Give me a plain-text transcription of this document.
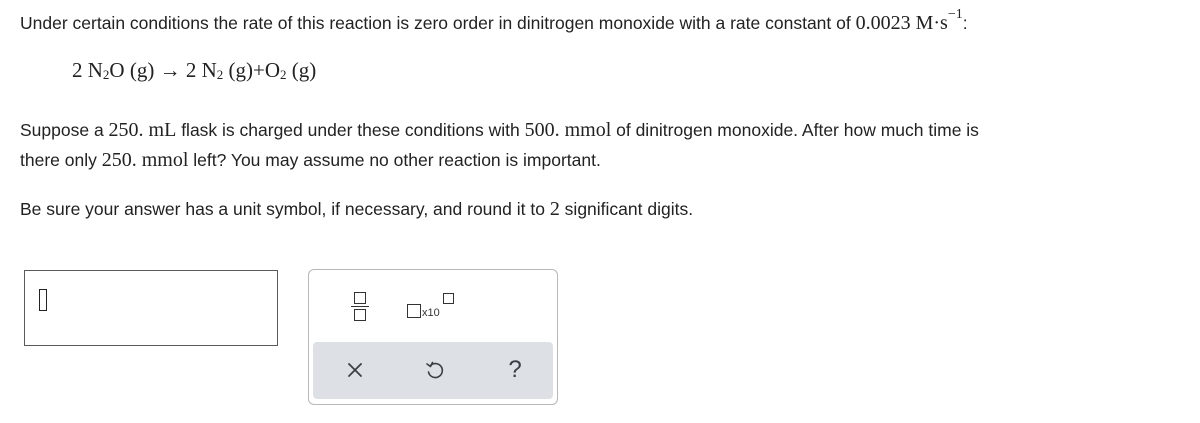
Under certain conditions the rate of this reaction is zero order in dinitrogen monoxide with a rate constant of 0.0023 $M\cdot s^{-1}$:
2 $N_2O$ (g) → 2 $N_2$ $(g)+O_2$ (g)
Suppose a 250. mL flask is charged under these conditions with 500. mmol of dinitrogen monoxide. After how much time is
there only 250. mmol left? You may assume no other reaction is important.
Be sure your answer has a unit symbol, if necessary, and round it to 2 significant digits.
x10
?
